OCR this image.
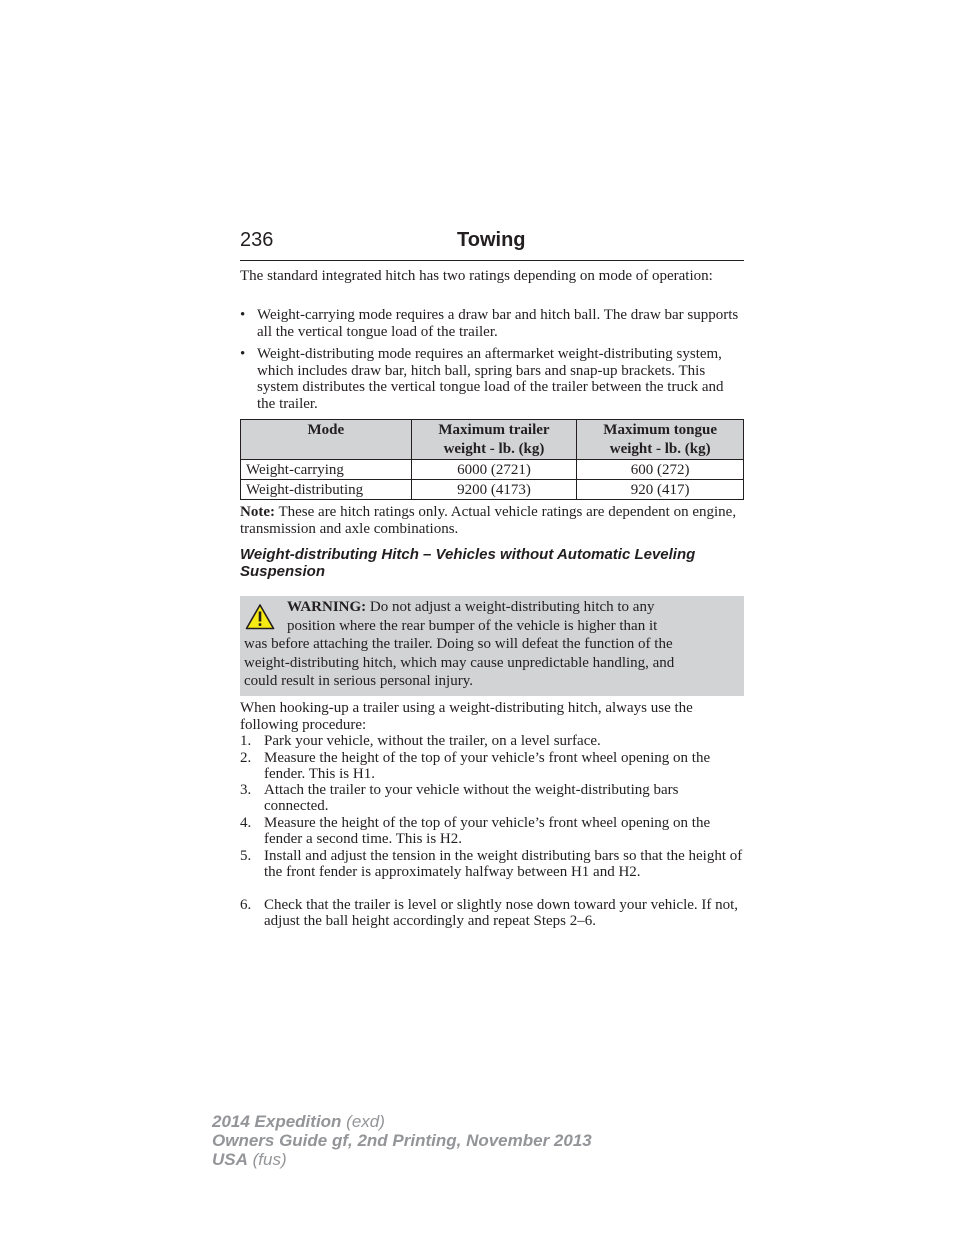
236	Towing

The standard integrated hitch has two ratings depending on mode of operation:

• Weight-carrying mode requires a draw bar and hitch ball. The draw bar supports all the vertical tongue load of the trailer.
• Weight-distributing mode requires an aftermarket weight-distributing system, which includes draw bar, hitch ball, spring bars and snap-up brackets. This system distributes the vertical tongue load of the trailer between the truck and the trailer.
Mode	Maximum trailer weight - lb. (kg)	Maximum tongue weight - lb. (kg)
Weight-carrying	6000 (2721)	600 (272)
Weight-distributing	9200 (4173)	920 (417)

Note: These are hitch ratings only. Actual vehicle ratings are dependent on engine, transmission and axle combinations.

Weight-distributing Hitch – Vehicles without Automatic Leveling Suspension
WARNING: Do not adjust a weight-distributing hitch to any
position where the rear bumper of the vehicle is higher than it
was before attaching the trailer. Doing so will defeat the function of the
weight-distributing hitch, which may cause unpredictable handling, and
could result in serious personal injury.

When hooking-up a trailer using a weight-distributing hitch, always use the following procedure:

1. Park your vehicle, without the trailer, on a level surface.
2. Measure the height of the top of your vehicle’s front wheel opening on the fender. This is H1.
3. Attach the trailer to your vehicle without the weight-distributing bars connected.
4. Measure the height of the top of your vehicle’s front wheel opening on the fender a second time. This is H2.
5. Install and adjust the tension in the weight distributing bars so that the height of the front fender is approximately halfway between H1 and H2.
6. Check that the trailer is level or slightly nose down toward your vehicle. If not, adjust the ball height accordingly and repeat Steps 2–6.
2014 Expedition (exd)
Owners Guide gf, 2nd Printing, November 2013
USA (fus)
